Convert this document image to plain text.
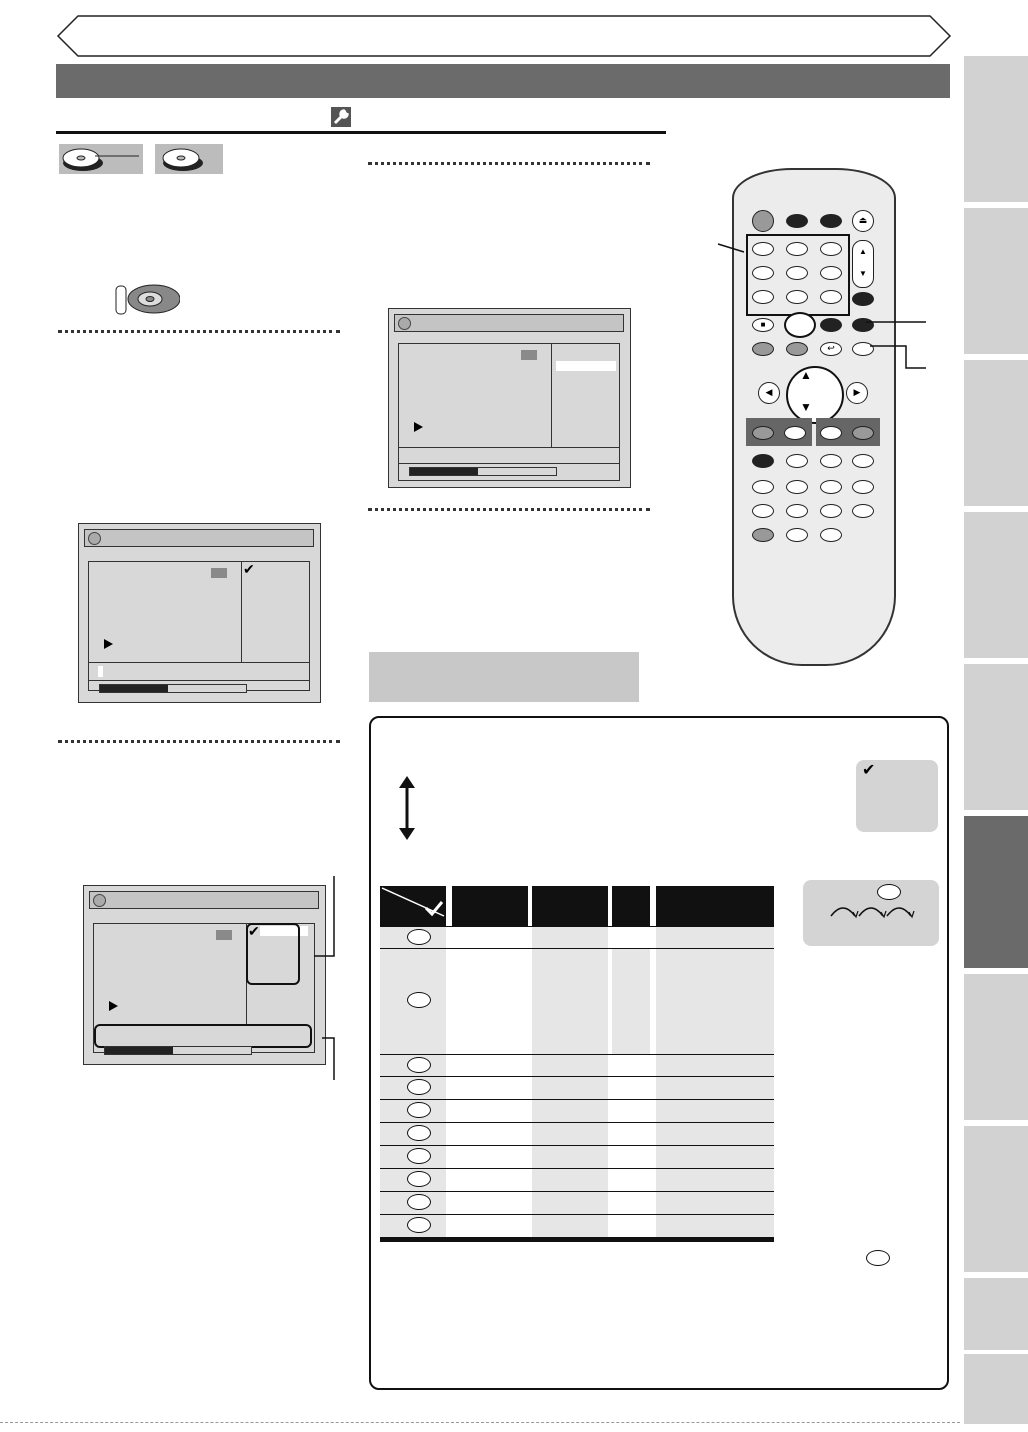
✔
✔
✔
⏏
▲
▼
■
↩
▲
▼
◀	▶
